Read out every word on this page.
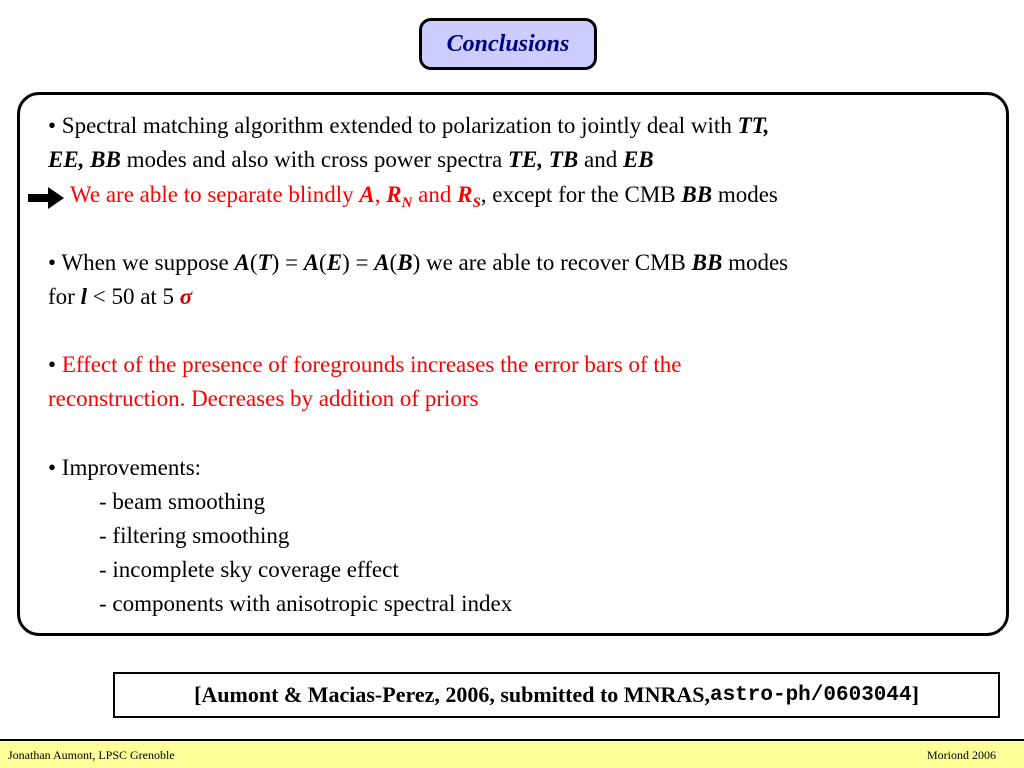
Conclusions
• Spectral matching algorithm extended to polarization to jointly deal with TT,
EE, BB modes and also with cross power spectra TE, TB and EB
We are able to separate blindly A, $R_N$ and $R_S$, except for the CMB BB modes
• When we suppose A(T) = A(E) = A(B) we are able to recover CMB BB modes
for l < 50 at 5 σ
• Effect of the presence of foregrounds increases the error bars of the
reconstruction. Decreases by addition of priors
• Improvements:
- beam smoothing
- filtering smoothing
- incomplete sky coverage effect
- components with anisotropic spectral index
[Aumont & Macias-Perez, 2006, submitted to MNRAS, astro-ph/0603044 ]
Jonathan Aumont, LPSC Grenoble	Moriond 2006
